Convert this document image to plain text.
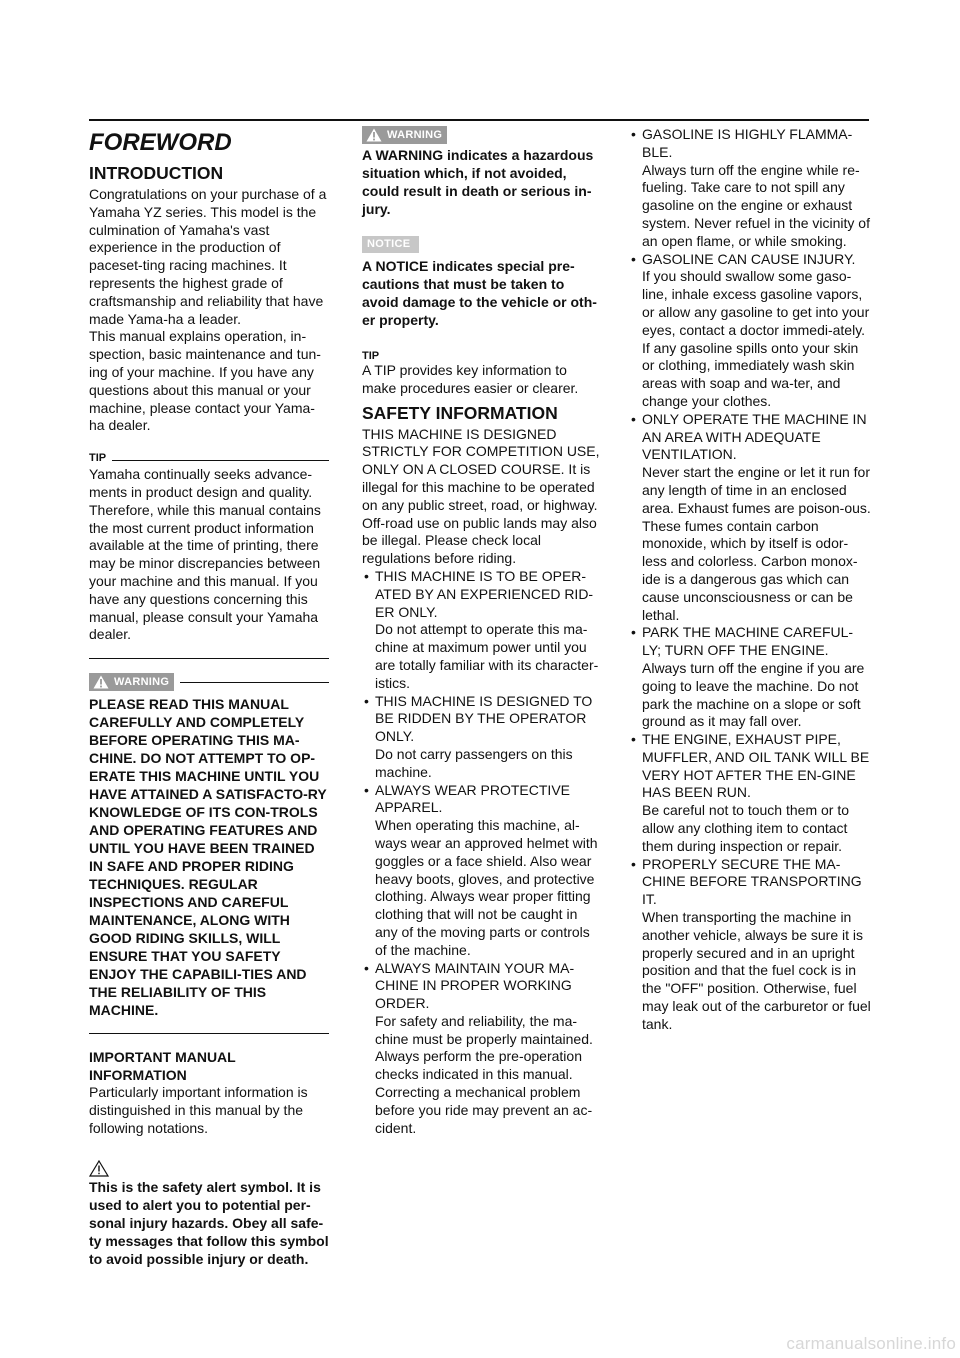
FOREWORD
INTRODUCTION

Congratulations on your purchase of a Yamaha YZ series. This model is the culmination of Yamaha's vast experience in the production of paceset-ting racing machines. It represents the highest grade of craftsmanship and reliability that have made Yama-ha a leader.

This manual explains operation, in-spection, basic maintenance and tun-ing of your machine. If you have any questions about this manual or your machine, please contact your Yama-ha dealer.

TIP

Yamaha continually seeks advance-ments in product design and quality. Therefore, while this manual contains the most current product information available at the time of printing, there may be minor discrepancies between your machine and this manual. If you have any questions concerning this manual, please consult your Yamaha dealer.

WARNING
PLEASE READ THIS MANUAL CAREFULLY AND COMPLETELY BEFORE OPERATING THIS MA-CHINE. DO NOT ATTEMPT TO OP-ERATE THIS MACHINE UNTIL YOU HAVE ATTAINED A SATISFACTO-RY KNOWLEDGE OF ITS CON-TROLS AND OPERATING FEATURES AND UNTIL YOU HAVE BEEN TRAINED IN SAFE AND PROPER RIDING TECHNIQUES. REGULAR INSPECTIONS AND CAREFUL MAINTENANCE, ALONG WITH GOOD RIDING SKILLS, WILL ENSURE THAT YOU SAFETY ENJOY THE CAPABILI-TIES AND THE RELIABILITY OF THIS MACHINE.
IMPORTANT MANUAL INFORMATION

Particularly important information is distinguished in this manual by the following notations.

This is the safety alert symbol. It is used to alert you to potential per-sonal injury hazards. Obey all safe-ty messages that follow this symbol to avoid possible injury or death.
WARNING
A WARNING indicates a hazardous situation which, if not avoided, could result in death or serious in-jury.
NOTICE
A NOTICE indicates special pre-cautions that must be taken to avoid damage to the vehicle or oth-er property.
TIP

A TIP provides key information to make procedures easier or clearer.

SAFETY INFORMATION

THIS MACHINE IS DESIGNED STRICTLY FOR COMPETITION USE, ONLY ON A CLOSED COURSE. It is illegal for this machine to be operated on any public street, road, or highway. Off-road use on public lands may also be illegal. Please check local regulations before riding.

• THIS MACHINE IS TO BE OPER-ATED BY AN EXPERIENCED RID-ER ONLY.
Do not attempt to operate this ma-chine at maximum power until you are totally familiar with its character-istics.
• THIS MACHINE IS DESIGNED TO BE RIDDEN BY THE OPERATOR ONLY.
Do not carry passengers on this machine.
• ALWAYS WEAR PROTECTIVE APPAREL.
When operating this machine, al-ways wear an approved helmet with goggles or a face shield. Also wear heavy boots, gloves, and protective clothing. Always wear proper fitting clothing that will not be caught in any of the moving parts or controls of the machine.
• ALWAYS MAINTAIN YOUR MA-CHINE IN PROPER WORKING ORDER.
For safety and reliability, the ma-chine must be properly maintained. Always perform the pre-operation checks indicated in this manual. Correcting a mechanical problem before you ride may prevent an ac-cident.
• GASOLINE IS HIGHLY FLAMMA-BLE.
Always turn off the engine while re-fueling. Take care to not spill any gasoline on the engine or exhaust system. Never refuel in the vicinity of an open flame, or while smoking.
• GASOLINE CAN CAUSE INJURY.
If you should swallow some gaso-line, inhale excess gasoline vapors, or allow any gasoline to get into your eyes, contact a doctor immedi-ately. If any gasoline spills onto your skin or clothing, immediately wash skin areas with soap and wa-ter, and change your clothes.
• ONLY OPERATE THE MACHINE IN AN AREA WITH ADEQUATE VENTILATION.
Never start the engine or let it run for any length of time in an enclosed area. Exhaust fumes are poison-ous. These fumes contain carbon monoxide, which by itself is odor-less and colorless. Carbon monox-ide is a dangerous gas which can cause unconsciousness or can be lethal.
• PARK THE MACHINE CAREFUL-LY; TURN OFF THE ENGINE.
Always turn off the engine if you are going to leave the machine. Do not park the machine on a slope or soft ground as it may fall over.
• THE ENGINE, EXHAUST PIPE, MUFFLER, AND OIL TANK WILL BE VERY HOT AFTER THE EN-GINE HAS BEEN RUN.
Be careful not to touch them or to allow any clothing item to contact them during inspection or repair.
• PROPERLY SECURE THE MA-CHINE BEFORE TRANSPORTING IT.
When transporting the machine in another vehicle, always be sure it is properly secured and in an upright position and that the fuel cock is in the "OFF" position. Otherwise, fuel may leak out of the carburetor or fuel tank.
carmanualsonline.info
